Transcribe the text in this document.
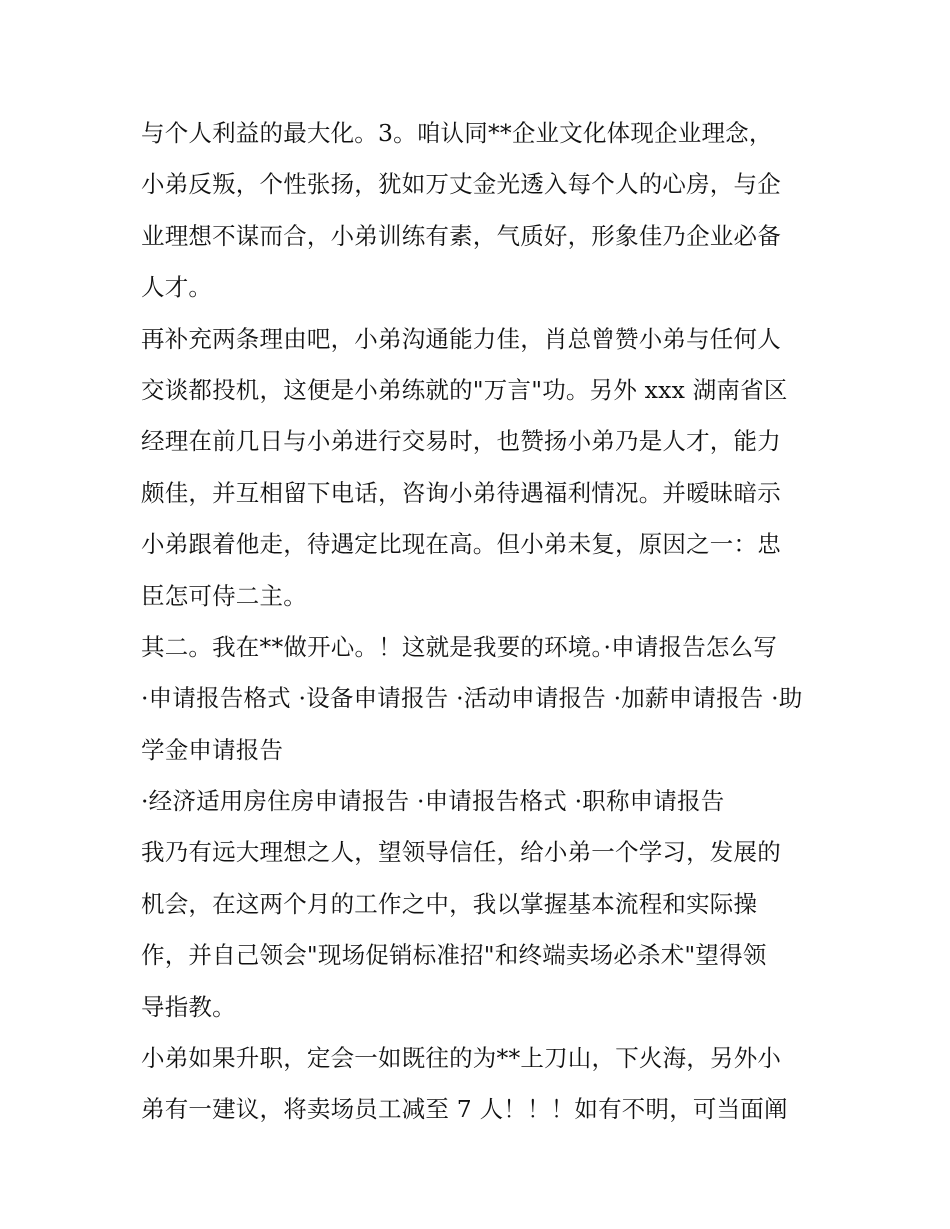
与个人利益的最大化。3。咱认同**企业文化体现企业理念，
小弟反叛，个性张扬，犹如万丈金光透入每个人的心房，与企
业理想不谋而合，小弟训练有素，气质好，形象佳乃企业必备
人才。
再补充两条理由吧，小弟沟通能力佳，肖总曾赞小弟与任何人
交谈都投机，这便是小弟练就的"万言"功。另外 xxx 湖南省区
经理在前几日与小弟进行交易时，也赞扬小弟乃是人才，能力
颇佳，并互相留下电话，咨询小弟待遇福利情况。并暧昧暗示
小弟跟着他走，待遇定比现在高。但小弟未复，原因之一：忠
臣怎可侍二主。
其二。我在**做开心。！这就是我要的环境。·申请报告怎么写
·申请报告格式 ·设备申请报告 ·活动申请报告 ·加薪申请报告 ·助
学金申请报告
·经济适用房住房申请报告 ·申请报告格式 ·职称申请报告
我乃有远大理想之人，望领导信任，给小弟一个学习，发展的
机会，在这两个月的工作之中，我以掌握基本流程和实际操
作，并自己领会"现场促销标准招"和终端卖场必杀术"望得领
导指教。
小弟如果升职，定会一如既往的为**上刀山，下火海，另外小
弟有一建议，将卖场员工减至 7 人！！！如有不明，可当面阐
